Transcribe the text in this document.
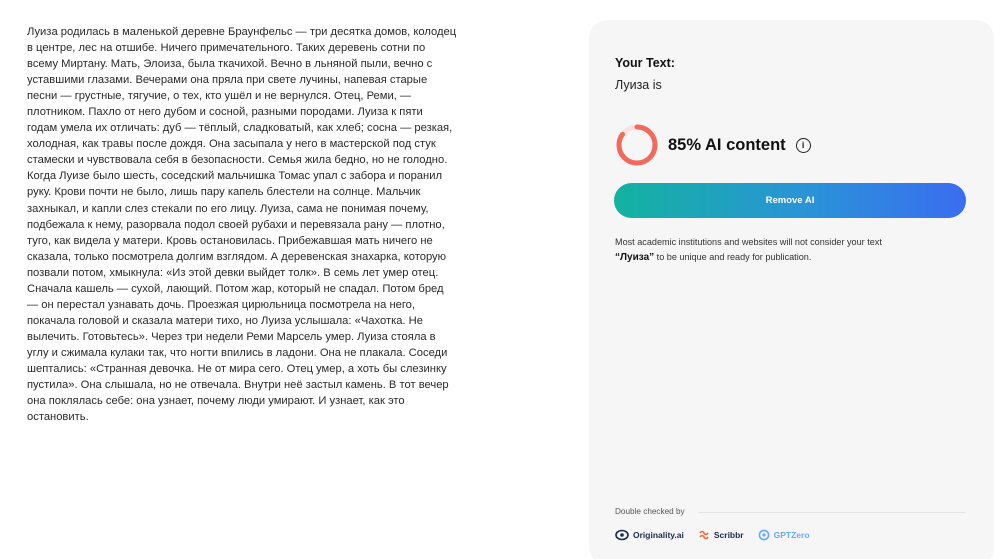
Луиза родилась в маленькой деревне Браунфельс — три десятка домов, колодец
в центре, лес на отшибе. Ничего примечательного. Таких деревень сотни по
всему Миртану. Мать, Элоиза, была ткачихой. Вечно в льняной пыли, вечно с
уставшими глазами. Вечерами она пряла при свете лучины, напевая старые
песни — грустные, тягучие, о тех, кто ушёл и не вернулся. Отец, Реми, —
плотником. Пахло от него дубом и сосной, разными породами. Луиза к пяти
годам умела их отличать: дуб — тёплый, сладковатый, как хлеб; сосна — резкая,
холодная, как травы после дождя. Она засыпала у него в мастерской под стук
стамески и чувствовала себя в безопасности. Семья жила бедно, но не голодно.
Когда Луизе было шесть, соседский мальчишка Томас упал с забора и поранил
руку. Крови почти не было, лишь пару капель блестели на солнце. Мальчик
захныкал, и капли слез стекали по его лицу. Луиза, сама не понимая почему,
подбежала к нему, разорвала подол своей рубахи и перевязала рану — плотно,
туго, как видела у матери. Кровь остановилась. Прибежавшая мать ничего не
сказала, только посмотрела долгим взглядом. А деревенская знахарка, которую
позвали потом, хмыкнула: «Из этой девки выйдет толк». В семь лет умер отец.
Сначала кашель — сухой, лающий. Потом жар, который не спадал. Потом бред
— он перестал узнавать дочь. Проезжая цирюльница посмотрела на него,
покачала головой и сказала матери тихо, но Луиза услышала: «Чахотка. Не
вылечить. Готовьтесь». Через три недели Реми Марсель умер. Луиза стояла в
углу и сжимала кулаки так, что ногти впились в ладони. Она не плакала. Соседи
шептались: «Странная девочка. Не от мира сего. Отец умер, а хоть бы слезинку
пустила». Она слышала, но не отвечала. Внутри неё застыл камень. В тот вечер
она поклялась себе: она узнает, почему люди умирают. И узнает, как это
остановить.
Your Text:
Луиза is
85% AI content	i
Remove AI
Most academic institutions and websites will not consider your text
“Луиза” to be unique and ready for publication.
Double checked by
Originality.ai	Scribbr	GPTZero
